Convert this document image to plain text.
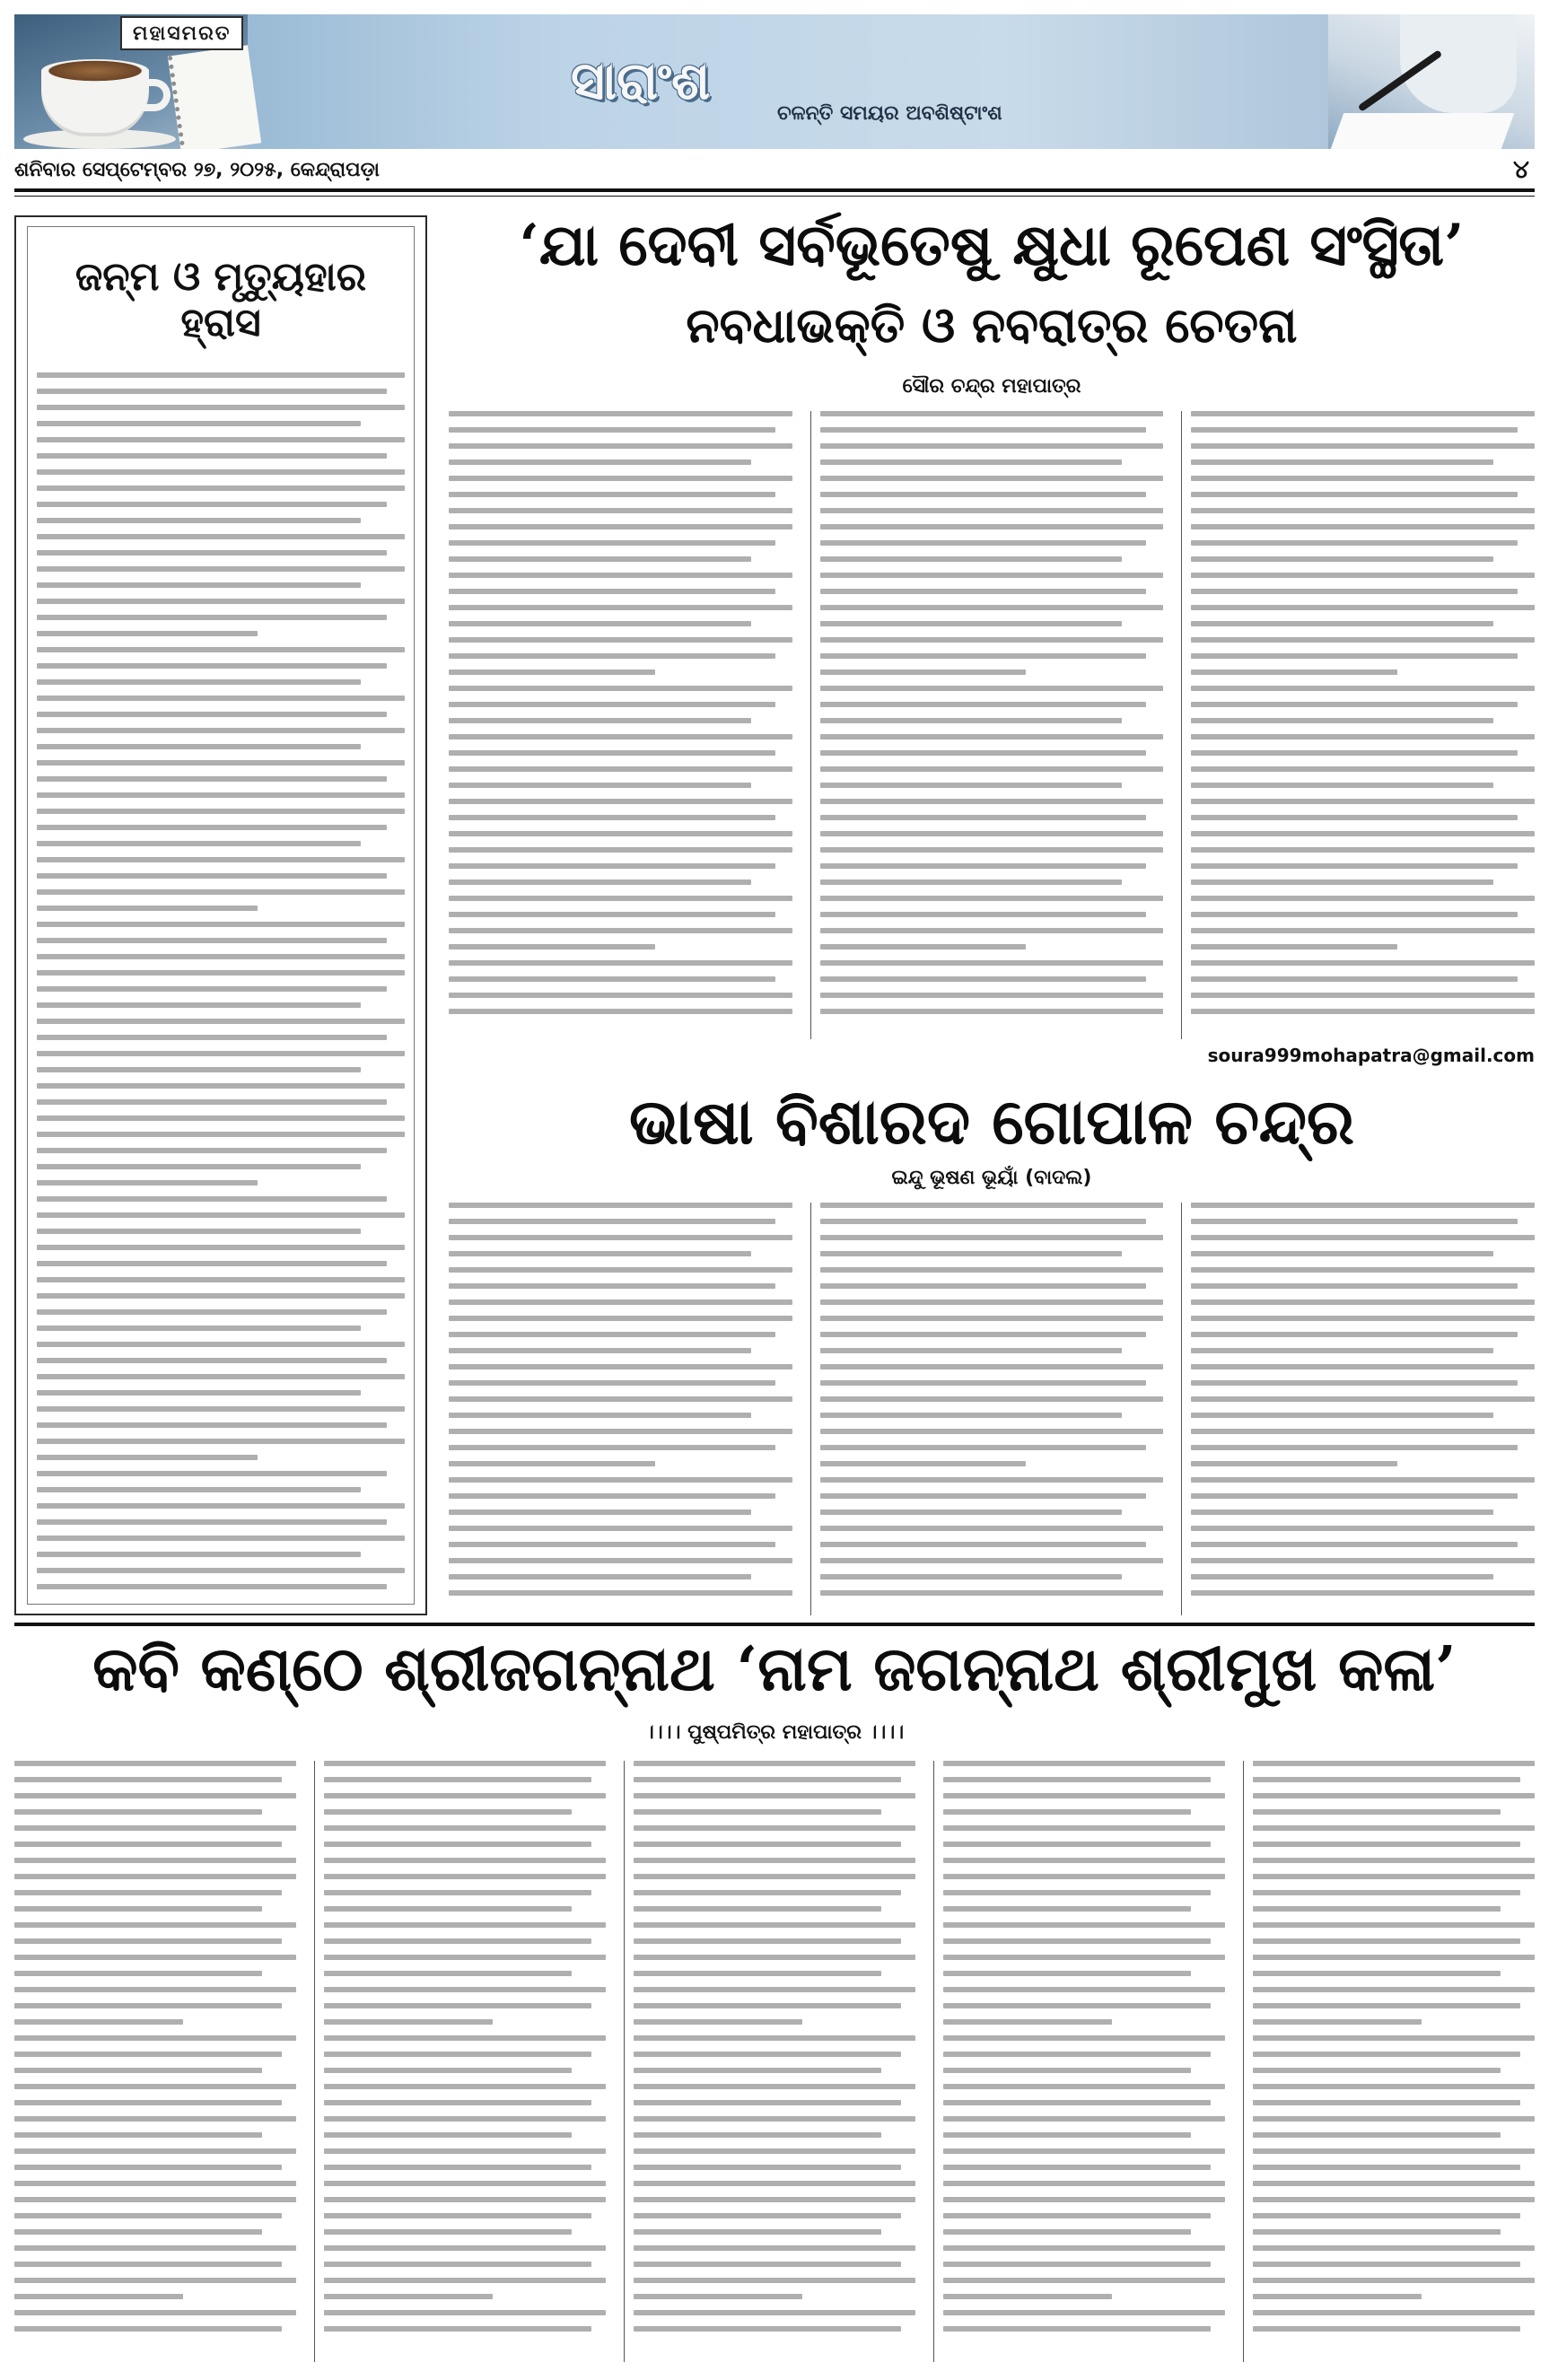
ମହାସମରତ
ସାରାଂଶ
ଚଳନ୍ତି ସମୟର ଅବଶିଷ୍ଟାଂଶ
ଶନିବାର ସେପ୍ଟେମ୍ବର ୨୭, ୨୦୨୫, କେନ୍ଦ୍ରାପଡ଼ା	୪
ଜନ୍ମ ଓ ମୃତ୍ୟୁହାର ହ୍ରାସ
‘ଯା ଦେବୀ ସର୍ବଭୂତେଷୁ କ୍ଷୁଧା ରୂପେଣ ସଂସ୍ଥିତା’
ନବଧାଭକ୍ତି ଓ ନବରାତ୍ର ଚେତନା
ସୌର ଚନ୍ଦ୍ର ମହାପାତ୍ର
soura999mohapatra@gmail.com
ଭାଷା ବିଶାରଦ ଗୋପାଳ ଚନ୍ଦ୍ର
ଇନ୍ଦୁ ଭୂଷଣ ଭୂୟାଁ (ବାଦଲ)
କବି କଣ୍ଠେ ଶ୍ରୀଜଗନ୍ନାଥ ‘ନାମ ଜଗନ୍ନାଥ ଶ୍ରୀମୁଖ କଳା’
।।।। ପୁଷ୍ପମିତ୍ର ମହାପାତ୍ର ।।।।
